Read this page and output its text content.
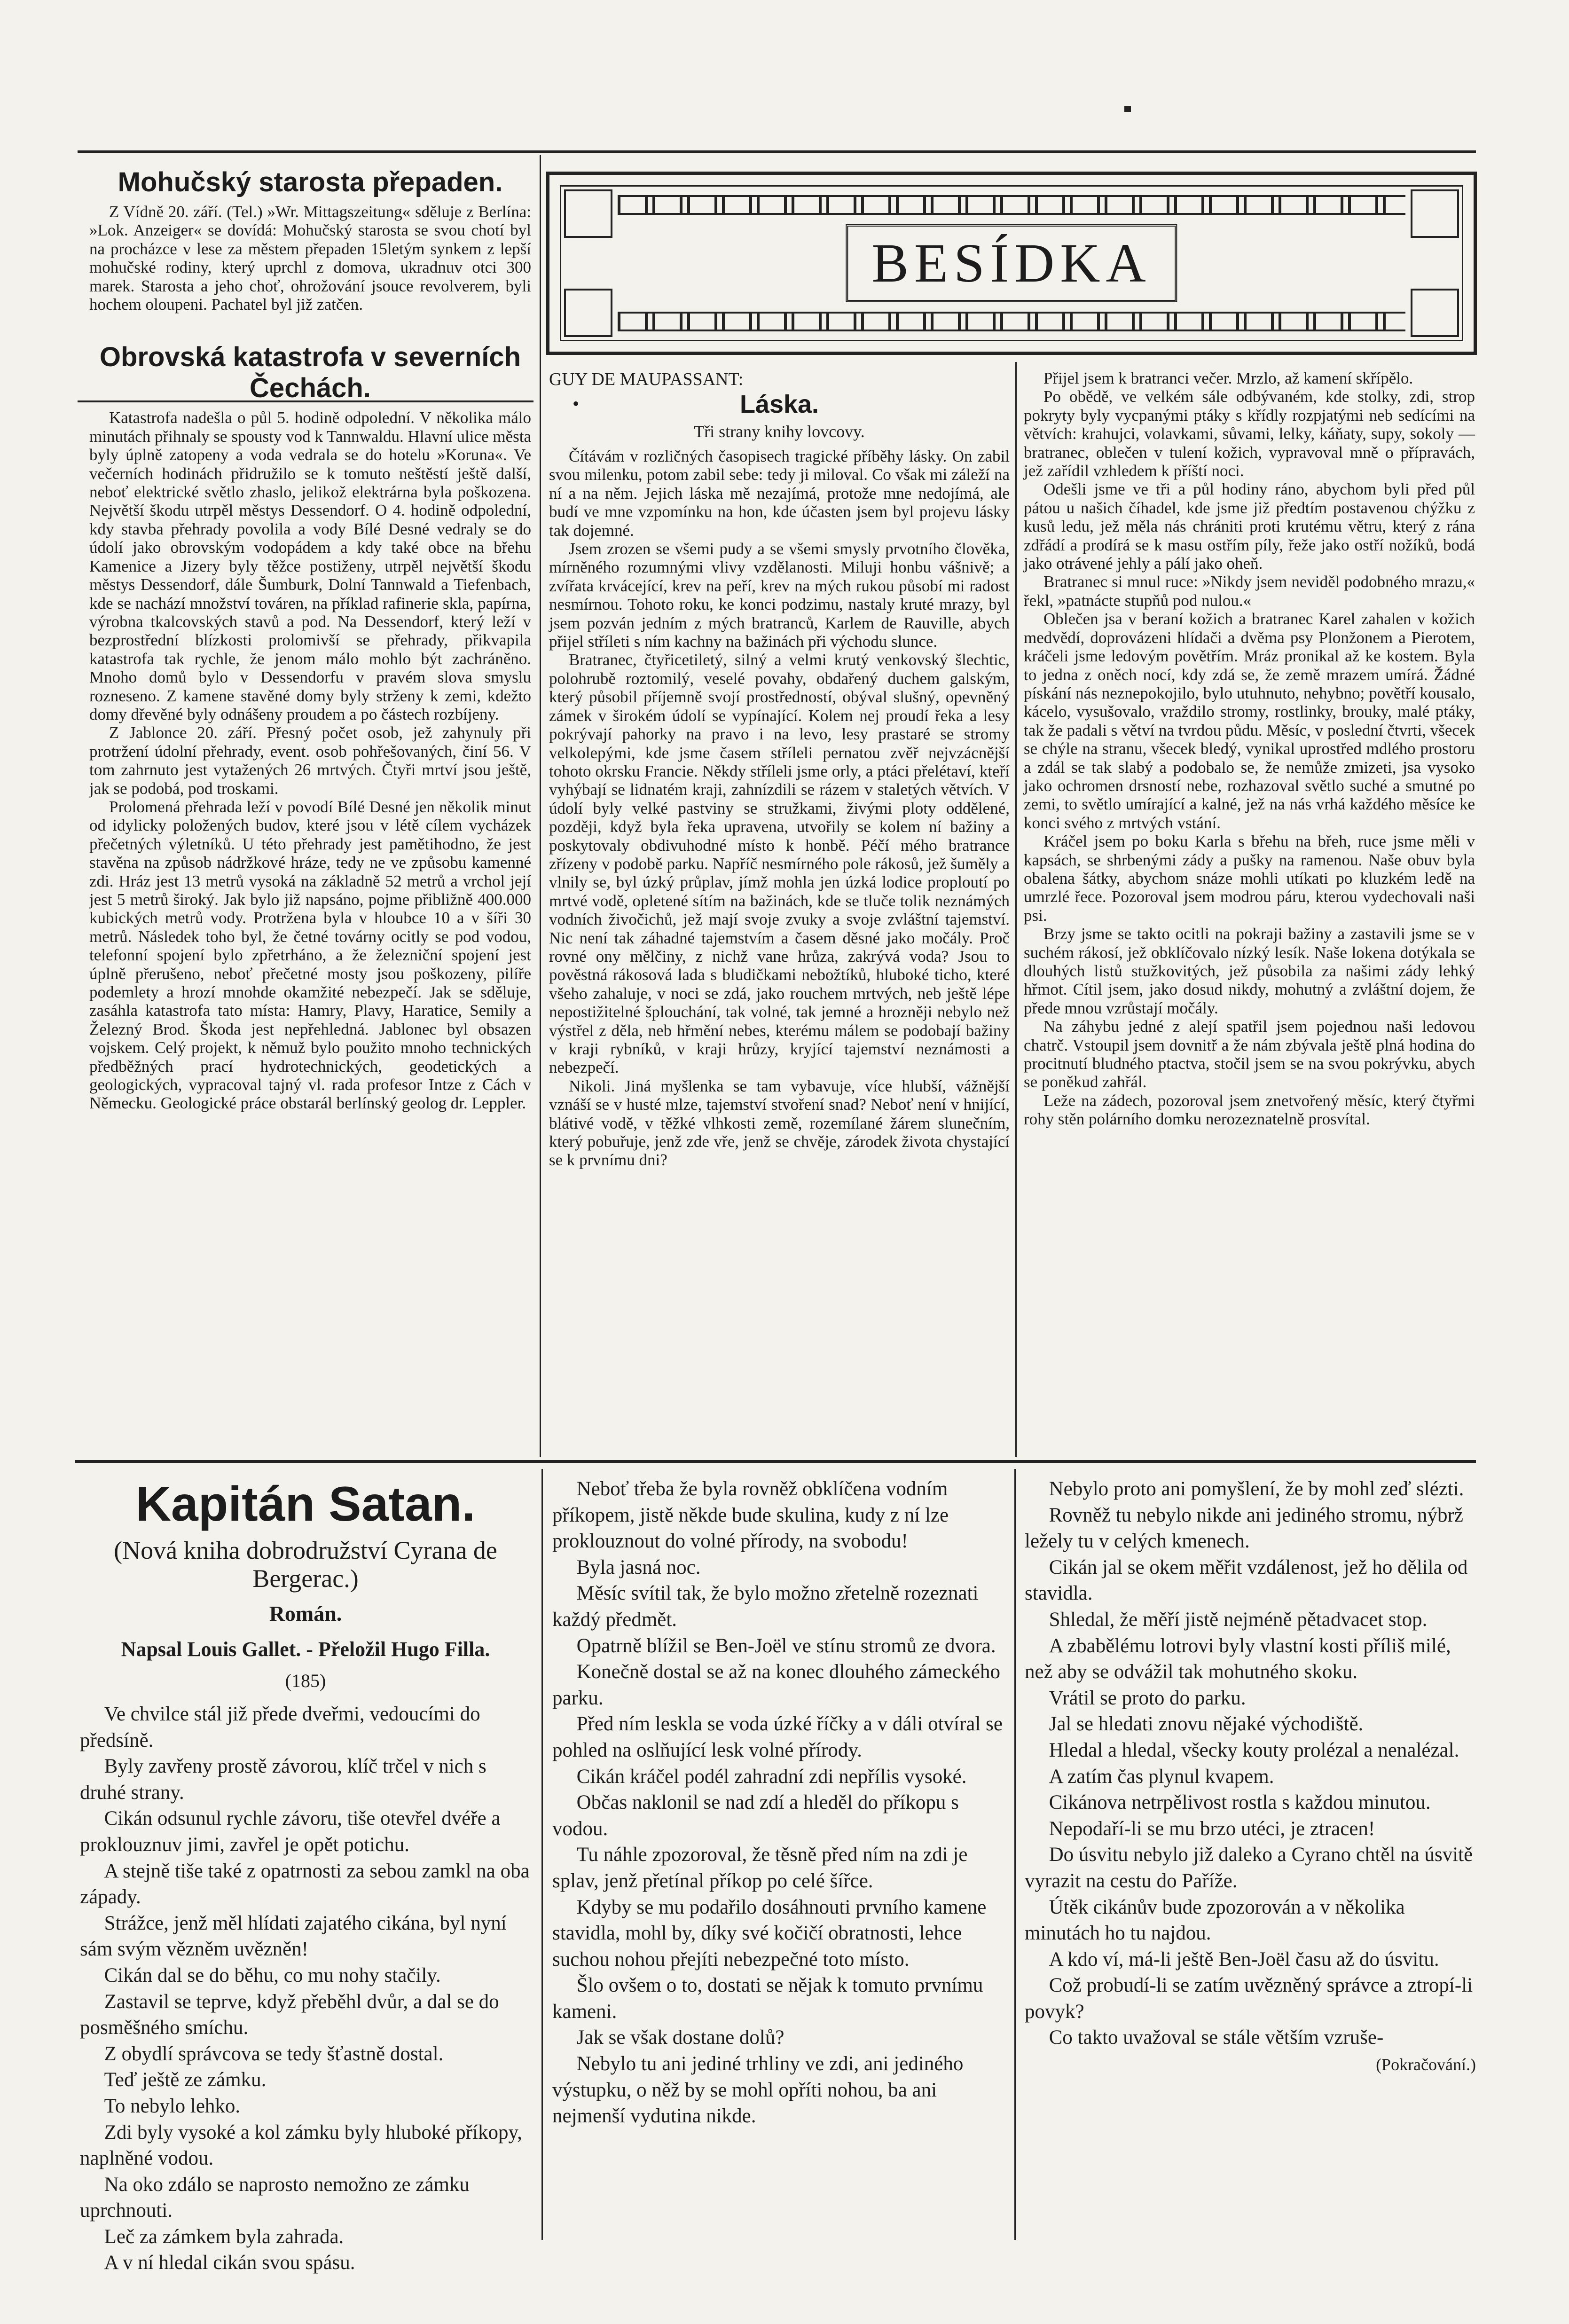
Mohučský starosta přepaden.

Z Vídně 20. září. (Tel.) »Wr. Mittagszeitung« sděluje z Berlína: »Lok. Anzeiger« se dovídá: Mohučský starosta se svou chotí byl na procházce v lese za městem přepaden 15letým synkem z lepší mohučské rodiny, který uprchl z domova, ukradnuv otci 300 marek. Starosta a jeho choť, ohrožování jsouce revolverem, byli hochem oloupeni. Pachatel byl již zatčen.

Obrovská katastrofa v severních Čechách.

Katastrofa nadešla o půl 5. hodině odpolední. V několika málo minutách přihnaly se spousty vod k Tannwaldu. Hlavní ulice města byly úplně zatopeny a voda vedrala se do hotelu »Koruna«. Ve večerních hodinách přidružilo se k tomuto neštěstí ještě další, neboť elektrické světlo zhaslo, jelikož elektrárna byla poškozena. Největší škodu utrpěl městys Dessendorf. O 4. hodině odpolední, kdy stavba přehrady povolila a vody Bílé Desné vedraly se do údolí jako obrovským vodopádem a kdy také obce na břehu Kamenice a Jizery byly těžce postiženy, utrpěl největší škodu městys Dessendorf, dále Šumburk, Dolní Tannwald a Tiefenbach, kde se nachází množství továren, na příklad rafinerie skla, papírna, výrobna tkalcovských stavů a pod. Na Dessendorf, který leží v bezprostřední blízkosti prolomivší se přehrady, přikvapila katastrofa tak rychle, že jenom málo mohlo být zachráněno. Mnoho domů bylo v Dessendorfu v pravém slova smyslu rozneseno. Z kamene stavěné domy byly strženy k zemi, kdežto domy dřevěné byly odnášeny proudem a po částech rozbíjeny.

Z Jablonce 20. září. Přesný počet osob, jež zahynuly při protržení údolní přehrady, event. osob pohřešovaných, činí 56. V tom zahrnuto jest vytažených 26 mrtvých. Čtyři mrtví jsou ještě, jak se podobá, pod troskami.

Prolomená přehrada leží v povodí Bílé Desné jen několik minut od idylicky položených budov, které jsou v létě cílem vycházek přečetných výletníků. U této přehrady jest pamětihodno, že jest stavěna na způsob nádržkové hráze, tedy ne ve způsobu kamenné zdi. Hráz jest 13 metrů vysoká na základně 52 metrů a vrchol její jest 5 metrů široký. Jak bylo již napsáno, pojme přibližně 400.000 kubických metrů vody. Protržena byla v hloubce 10 a v šíři 30 metrů. Následek toho byl, že četné továrny ocitly se pod vodou, telefonní spojení bylo zpřetrháno, a že železniční spojení jest úplně přerušeno, neboť přečetné mosty jsou poškozeny, pilíře podemlety a hrozí mnohde okamžité nebezpečí. Jak se sděluje, zasáhla katastrofa tato místa: Hamry, Plavy, Haratice, Semily a Železný Brod. Škoda jest nepřehledná. Jablonec byl obsazen vojskem. Celý projekt, k němuž bylo použito mnoho technických předběžných prací hydrotechnických, geodetických a geologických, vypracoval tajný vl. rada profesor Intze z Cách v Německu. Geologické práce obstarál berlínský geolog dr. Leppler.

BESÍDKA
GUY DE MAUPASSANT:
•	Láska.
Tři strany knihy lovcovy.

Čítávám v rozličných časopisech tragické příběhy lásky. On zabil svou milenku, potom zabil sebe: tedy ji miloval. Co však mi záleží na ní a na něm. Jejich láska mě nezajímá, protože mne nedojímá, ale budí ve mne vzpomínku na hon, kde účasten jsem byl projevu lásky tak dojemné.

Jsem zrozen se všemi pudy a se všemi smysly prvotního člověka, mírněného rozumnými vlivy vzdělanosti. Miluji honbu vášnivě; a zvířata krvácející, krev na peří, krev na mých rukou působí mi radost nesmírnou. Tohoto roku, ke konci podzimu, nastaly kruté mrazy, byl jsem pozván jedním z mých bratranců, Karlem de Rauville, abych přijel stříleti s ním kachny na bažinách při východu slunce.

Bratranec, čtyřicetiletý, silný a velmi krutý venkovský šlechtic, polohrubě roztomilý, veselé povahy, obdařený duchem galským, který působil příjemně svojí prostředností, obýval slušný, opevněný zámek v širokém údolí se vypínající. Kolem nej proudí řeka a lesy pokrývají pahorky na pravo i na levo, lesy prastaré se stromy velkolepými, kde jsme časem stříleli pernatou zvěř nejvzácnější tohoto okrsku Francie. Někdy stříleli jsme orly, a ptáci přelétaví, kteří vyhýbají se lidnatém kraji, zahnízdili se rázem v staletých větvích. V údolí byly velké pastviny se stružkami, živými ploty oddělené, později, když byla řeka upravena, utvořily se kolem ní bažiny a poskytovaly obdivuhodné místo k honbě. Péčí mého bratrance zřízeny v podobě parku. Napříč nesmírného pole rákosů, jež šuměly a vlnily se, byl úzký průplav, jímž mohla jen úzká lodice proploutí po mrtvé vodě, opletené sítím na bažinách, kde se tluče tolik neznámých vodních živočichů, jež mají svoje zvuky a svoje zvláštní tajemství. Nic není tak záhadné tajemstvím a časem děsné jako močály. Proč rovné ony mělčiny, z nichž vane hrůza, zakrývá voda? Jsou to pověstná rákosová lada s bludičkami nebožtíků, hluboké ticho, které všeho zahaluje, v noci se zdá, jako rouchem mrtvých, neb ještě lépe nepostižitelné šplouchání, tak volné, tak jemné a hrozněji nebylo než výstřel z děla, neb hřmění nebes, kterému málem se podobají bažiny v kraji rybníků, v kraji hrůzy, kryjící tajemství neznámosti a nebezpečí.

Nikoli. Jiná myšlenka se tam vybavuje, více hlubší, vážnější vznáší se v husté mlze, tajemství stvoření snad? Neboť není v hnijící, blátivé vodě, v těžké vlhkosti země, rozemílané žárem slunečním, který pobuřuje, jenž zde vře, jenž se chvěje, zárodek života chystající se k prvnímu dni?

Přijel jsem k bratranci večer. Mrzlo, až kamení skřípělo.

Po obědě, ve velkém sále odbývaném, kde stolky, zdi, strop pokryty byly vycpanými ptáky s křídly rozpjatými neb sedícími na větvích: krahujci, volavkami, sůvami, lelky, káňaty, supy, sokoly — bratranec, oblečen v tulení kožich, vypravoval mně o přípravách, jež zařídil vzhledem k příští noci.

Odešli jsme ve tři a půl hodiny ráno, abychom byli před půl pátou u našich číhadel, kde jsme již předtím postavenou chýžku z kusů ledu, jež měla nás chrániti proti krutému větru, který z rána zdřádí a prodírá se k masu ostřím píly, řeže jako ostří nožíků, bodá jako otrávené jehly a pálí jako oheň.

Bratranec si mnul ruce: »Nikdy jsem neviděl podobného mrazu,« řekl, »patnácte stupňů pod nulou.«

Oblečen jsa v beraní kožich a bratranec Karel zahalen v kožich medvědí, doprovázeni hlídači a dvěma psy Plonžonem a Pierotem, kráčeli jsme ledovým povětřím. Mráz pronikal až ke kostem. Byla to jedna z oněch nocí, kdy zdá se, že země mrazem umírá. Žádné pískání nás neznepokojilo, bylo utuhnuto, nehybno; povětří kousalo, kácelo, vysušovalo, vraždilo stromy, rostlinky, brouky, malé ptáky, tak že padali s větví na tvrdou půdu. Měsíc, v poslední čtvrti, všecek se chýle na stranu, všecek bledý, vynikal uprostřed mdlého prostoru a zdál se tak slabý a podobalo se, že nemůže zmizeti, jsa vysoko jako ochromen drsností nebe, rozhazoval světlo suché a smutné po zemi, to světlo umírající a kalné, jež na nás vrhá každého měsíce ke konci svého z mrtvých vstání.

Kráčel jsem po boku Karla s břehu na břeh, ruce jsme měli v kapsách, se shrbenými zády a pušky na ramenou. Naše obuv byla obalena šátky, abychom snáze mohli utíkati po kluzkém ledě na umrzlé řece. Pozoroval jsem modrou páru, kterou vydechovali naši psi.

Brzy jsme se takto ocitli na pokraji bažiny a zastavili jsme se v suchém rákosí, jež obklíčovalo nízký lesík. Naše lokena dotýkala se dlouhých listů stužkovitých, jež působila za našimi zády lehký hřmot. Cítil jsem, jako dosud nikdy, mohutný a zvláštní dojem, že přede mnou vzrůstají močály.

Na záhybu jedné z alejí spatřil jsem pojednou naši ledovou chatrč. Vstoupil jsem dovnitř a že nám zbývala ještě plná hodina do procitnutí bludného ptactva, stočil jsem se na svou pokrývku, abych se poněkud zahřál.

Leže na zádech, pozoroval jsem znetvořený měsíc, který čtyřmi rohy stěn polárního domku nerozeznatelně prosvítal.

Kapitán Satan.
(Nová kniha dobrodružství Cyrana de Bergerac.)
Román.
Napsal Louis Gallet. - Přeložil Hugo Filla.
(185)

Ve chvilce stál již přede dveřmi, vedoucími do předsíně.

Byly zavřeny prostě závorou, klíč trčel v nich s druhé strany.

Cikán odsunul rychle závoru, tiše otevřel dvéře a proklouznuv jimi, zavřel je opět potichu.

A stejně tiše také z opatrnosti za sebou zamkl na oba západy.

Strážce, jenž měl hlídati zajatého cikána, byl nyní sám svým vězněm uvězněn!

Cikán dal se do běhu, co mu nohy stačily.

Zastavil se teprve, když přeběhl dvůr, a dal se do posměšného smíchu.

Z obydlí správcova se tedy šťastně dostal.

Teď ještě ze zámku.

To nebylo lehko.

Zdi byly vysoké a kol zámku byly hluboké příkopy, naplněné vodou.

Na oko zdálo se naprosto nemožno ze zámku uprchnouti.

Leč za zámkem byla zahrada.

A v ní hledal cikán svou spásu.

Neboť třeba že byla rovněž obklíčena vodním příkopem, jistě někde bude skulina, kudy z ní lze proklouznout do volné přírody, na svobodu!

Byla jasná noc.

Měsíc svítil tak, že bylo možno zřetelně rozeznati každý předmět.

Opatrně blížil se Ben-Joël ve stínu stromů ze dvora.

Konečně dostal se až na konec dlouhého zámeckého parku.

Před ním leskla se voda úzké říčky a v dáli otvíral se pohled na oslňující lesk volné přírody.

Cikán kráčel podél zahradní zdi nepřílis vysoké.

Občas naklonil se nad zdí a hleděl do příkopu s vodou.

Tu náhle zpozoroval, že těsně před ním na zdi je splav, jenž přetínal příkop po celé šířce.

Kdyby se mu podařilo dosáhnouti prvního kamene stavidla, mohl by, díky své kočičí obratnosti, lehce suchou nohou přejíti nebezpečné toto místo.

Šlo ovšem o to, dostati se nějak k tomuto prvnímu kameni.

Jak se však dostane dolů?

Nebylo tu ani jediné trhliny ve zdi, ani jediného výstupku, o něž by se mohl opříti nohou, ba ani nejmenší vydutina nikde.

Nebylo proto ani pomyšlení, že by mohl zeď slézti.

Rovněž tu nebylo nikde ani jediného stromu, nýbrž ležely tu v celých kmenech.

Cikán jal se okem měřit vzdálenost, jež ho dělila od stavidla.

Shledal, že měří jistě nejméně pětadvacet stop.

A zbabělému lotrovi byly vlastní kosti příliš milé, než aby se odvážil tak mohutného skoku.

Vrátil se proto do parku.

Jal se hledati znovu nějaké východiště.

Hledal a hledal, všecky kouty prolézal a nenalézal.

A zatím čas plynul kvapem.

Cikánova netrpělivost rostla s každou minutou.

Nepodaří-li se mu brzo utéci, je ztracen!

Do úsvitu nebylo již daleko a Cyrano chtěl na úsvitě vyrazit na cestu do Paříže.

Útěk cikánův bude zpozorován a v několika minutách ho tu najdou.

A kdo ví, má-li ještě Ben-Joël času až do úsvitu.

Což probudí-li se zatím uvězněný správce a ztropí-li povyk?

Co takto uvažoval se stále větším vzruše-

(Pokračování.)
